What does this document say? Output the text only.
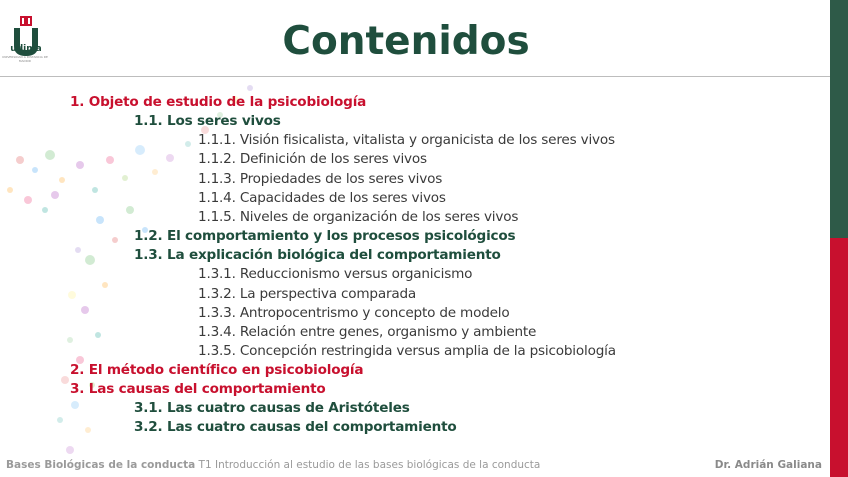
udima
UNIVERSIDAD A DISTANCIA DE MADRID	Contenidos
1. Objeto de estudio de la psicobiología
1.1. Los seres vivos
1.1.1. Visión fisicalista, vitalista y organicista de los seres vivos
1.1.2. Definición de los seres vivos
1.1.3. Propiedades de los seres vivos
1.1.4. Capacidades de los seres vivos
1.1.5. Niveles de organización de los seres vivos
1.2. El comportamiento y los procesos psicológicos
1.3. La explicación biológica del comportamiento
1.3.1. Reduccionismo versus organicismo
1.3.2. La perspectiva comparada
1.3.3. Antropocentrismo y concepto de modelo
1.3.4. Relación entre genes, organismo y ambiente
1.3.5. Concepción restringida versus amplia de la psicobiología
2. El método científico en psicobiología
3. Las causas del comportamiento
3.1. Las cuatro causas de Aristóteles
3.2. Las cuatro causas del comportamiento
Bases Biológicas de la conducta T1 Introducción al estudio de las bases biológicas de la conducta	Dr. Adrián Galiana
